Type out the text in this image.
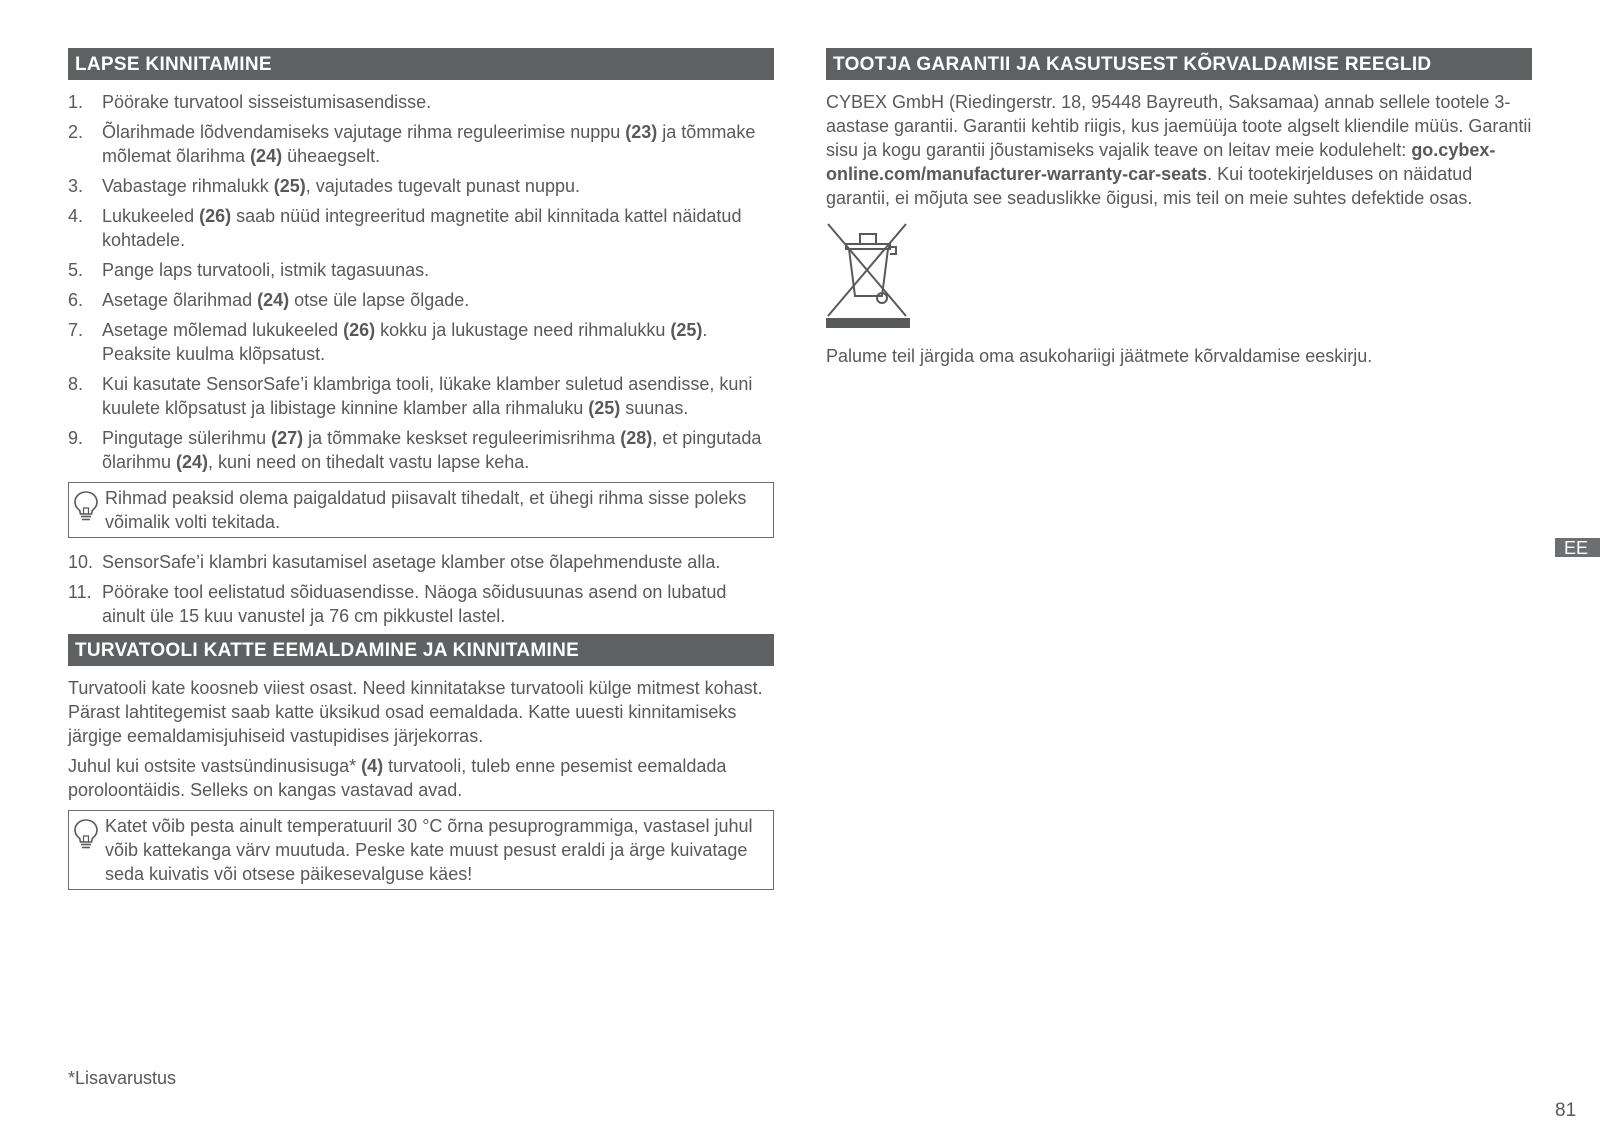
LAPSE KINNITAMINE
1.	Pöörake turvatool sisseistumisasendisse.
2.	Õlarihmade lõdvendamiseks vajutage rihma reguleerimise nuppu (23) ja tõmmake mõlemat õlarihma (24) üheaegselt.
3.	Vabastage rihmalukk (25), vajutades tugevalt punast nuppu.
4.	Lukukeeled (26) saab nüüd integreeritud magnetite abil kinnitada kattel näidatud kohtadele.
5.	Pange laps turvatooli, istmik tagasuunas.
6.	Asetage õlarihmad (24) otse üle lapse õlgade.
7.	Asetage mõlemad lukukeeled (26) kokku ja lukustage need rihmalukku (25). Peaksite kuulma klõpsatust.
8.	Kui kasutate SensorSafe’i klambriga tooli, lükake klamber suletud asendisse, kuni kuulete klõpsatust ja libistage kinnine klamber alla rihmaluku (25) suunas.
9.	Pingutage sülerihmu (27) ja tõmmake keskset reguleerimisrihma (28), et pingutada õlarihmu (24), kuni need on tihedalt vastu lapse keha.
Rihmad peaksid olema paigaldatud piisavalt tihedalt, et ühegi rihma sisse poleks võimalik volti tekitada.
10. SensorSafe’i klambri kasutamisel asetage klamber otse õlapehmenduste alla.
11. Pöörake tool eelistatud sõiduasendisse. Näoga sõidusuunas asend on lubatud ainult üle 15 kuu vanustel ja 76 cm pikkustel lastel.
TURVATOOLI KATTE EEMALDAMINE JA KINNITAMINE

Turvatooli kate koosneb viiest osast. Need kinnitatakse turvatooli külge mitmest kohast. Pärast lahtitegemist saab katte üksikud osad eemaldada. Katte uuesti kinnitamiseks järgige eemaldamisjuhiseid vastupidises järjekorras.

Juhul kui ostsite vastsündinusisuga* (4) turvatooli, tuleb enne pesemist eemaldada poroloontäidis. Selleks on kangas vastavad avad.

Katet võib pesta ainult temperatuuril 30 °C õrna pesuprogrammiga, vastasel juhul võib kattekanga värv muutuda. Peske kate muust pesust eraldi ja ärge kuivatage seda kuivatis või otsese päikesevalguse käes!
TOOTJA GARANTII JA KASUTUSEST KÕRVALDAMISE REEGLID

CYBEX GmbH (Riedingerstr. 18, 95448 Bayreuth, Saksamaa) annab sellele tootele 3-aastase garantii. Garantii kehtib riigis, kus jaemüüja toote algselt kliendile müüs. Garantii sisu ja kogu garantii jõustamiseks vajalik teave on leitav meie kodulehelt: go.cybex-online.com/manufacturer-warranty-car-seats. Kui tootekirjelduses on näidatud garantii, ei mõjuta see seaduslikke õigusi, mis teil on meie suhtes defektide osas.

Palume teil järgida oma asukohariigi jäätmete kõrvaldamise eeskirju.

*Lisavarustus
EE
81
